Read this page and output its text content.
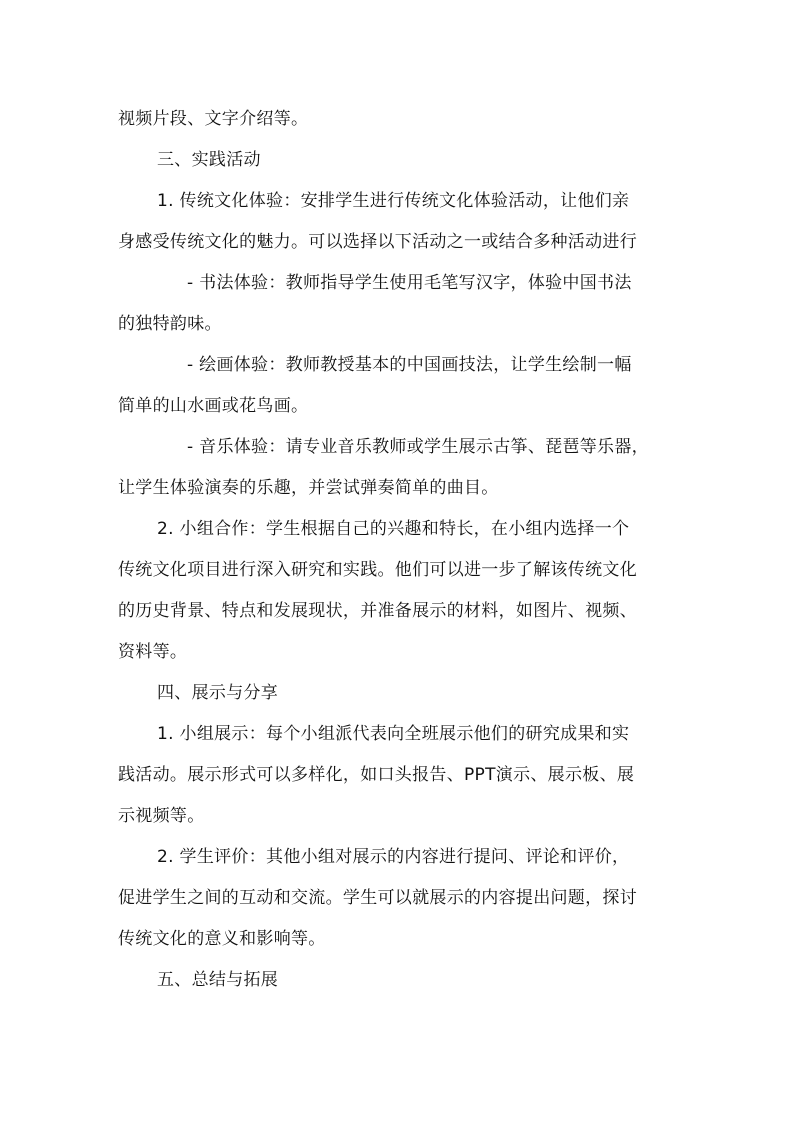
视频片段、文字介绍等。
三、实践活动
1. 传统文化体验：安排学生进行传统文化体验活动，让他们亲
身感受传统文化的魅力。可以选择以下活动之一或结合多种活动进行
- 书法体验：教师指导学生使用毛笔写汉字，体验中国书法
的独特韵味。
- 绘画体验：教师教授基本的中国画技法，让学生绘制一幅
简单的山水画或花鸟画。
- 音乐体验：请专业音乐教师或学生展示古筝、琵琶等乐器，
让学生体验演奏的乐趣，并尝试弹奏简单的曲目。
2. 小组合作：学生根据自己的兴趣和特长，在小组内选择一个
传统文化项目进行深入研究和实践。他们可以进一步了解该传统文化
的历史背景、特点和发展现状，并准备展示的材料，如图片、视频、
资料等。
四、展示与分享
1. 小组展示：每个小组派代表向全班展示他们的研究成果和实
践活动。展示形式可以多样化，如口头报告、PPT演示、展示板、展
示视频等。
2. 学生评价：其他小组对展示的内容进行提问、评论和评价，
促进学生之间的互动和交流。学生可以就展示的内容提出问题，探讨
传统文化的意义和影响等。
五、总结与拓展
